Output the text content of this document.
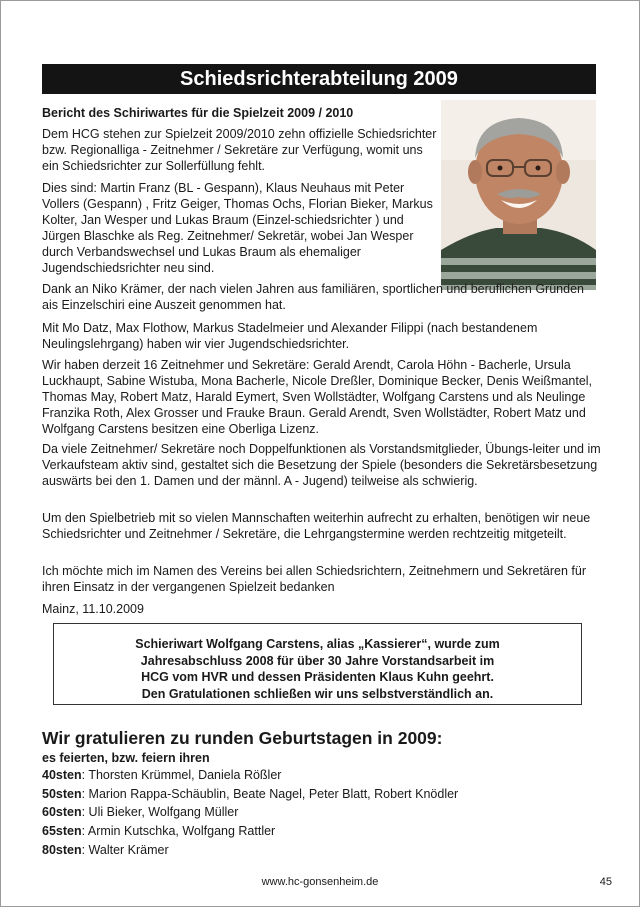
Schiedsrichterabteilung 2009

Bericht des Schiriwartes für die Spielzeit 2009 / 2010

Dem HCG stehen zur Spielzeit 2009/2010 zehn offizielle Schiedsrichter bzw. Regionalliga - Zeitnehmer / Sekretäre zur Verfügung, womit uns ein Schiedsrichter zur Sollerfüllung fehlt.

Dies sind: Martin Franz (BL - Gespann), Klaus Neuhaus mit Peter Vollers (Gespann) , Fritz Geiger, Thomas Ochs, Florian Bieker, Markus Kolter, Jan Wesper und Lukas Braum (Einzel-schiedsrichter ) und Jürgen Blaschke als Reg. Zeitnehmer/ Sekretär, wobei Jan Wesper durch Verbandswechsel und Lukas Braum als ehemaliger Jugendschiedsrichter neu sind.

Dank an Niko Krämer, der nach vielen Jahren aus familiären, sportlichen und beruflichen Gründen ais Einzelschiri eine Auszeit genommen hat.

Mit Mo Datz, Max Flothow, Markus Stadelmeier und Alexander Filippi (nach bestandenem Neulingslehrgang) haben wir vier Jugendschiedsrichter.

Wir haben derzeit 16 Zeitnehmer und Sekretäre: Gerald Arendt, Carola Höhn - Bacherle, Ursula Luckhaupt, Sabine Wistuba, Mona Bacherle, Nicole Dreßler, Dominique Becker, Denis Weißmantel, Thomas May, Robert Matz, Harald Eymert, Sven Wollstädter, Wolfgang Carstens und als Neulinge Franzika Roth, Alex Grosser und Frauke Braun. Gerald Arendt, Sven Wollstädter, Robert Matz und Wolfgang Carstens besitzen eine Oberliga Lizenz.

Da viele Zeitnehmer/ Sekretäre noch Doppelfunktionen als Vorstandsmitglieder, Übungs-leiter und im Verkaufsteam aktiv sind, gestaltet sich die Besetzung der Spiele (besonders die Sekretärsbesetzung auswärts bei den 1. Damen und der männl. A - Jugend) teilweise als schwierig.

Um den Spielbetrieb mit so vielen Mannschaften weiterhin aufrecht zu erhalten, benötigen wir neue Schiedsrichter und Zeitnehmer / Sekretäre, die Lehrgangstermine werden rechtzeitig mitgeteilt.

Ich möchte mich im Namen des Vereins bei allen Schiedsrichtern, Zeitnehmern und Sekretären für ihren Einsatz in der vergangenen Spielzeit bedanken

Mainz, 11.10.2009

Schieriwart Wolfgang Carstens, alias „Kassierer“, wurde zum
Jahresabschluss 2008 für über 30 Jahre Vorstandsarbeit im
HCG vom HVR und dessen Präsidenten Klaus Kuhn geehrt.
Den Gratulationen schließen wir uns selbstverständlich an.

Wir gratulieren zu runden Geburtstagen in 2009:

es feierten, bzw. feiern ihren

40sten: Thorsten Krümmel, Daniela Rößler

50sten: Marion Rappa-Schäublin, Beate Nagel, Peter Blatt, Robert Knödler

60sten: Uli Bieker, Wolfgang Müller

65sten: Armin Kutschka, Wolfgang Rattler

80sten: Walter Krämer

www.hc-gonsenheim.de	45
